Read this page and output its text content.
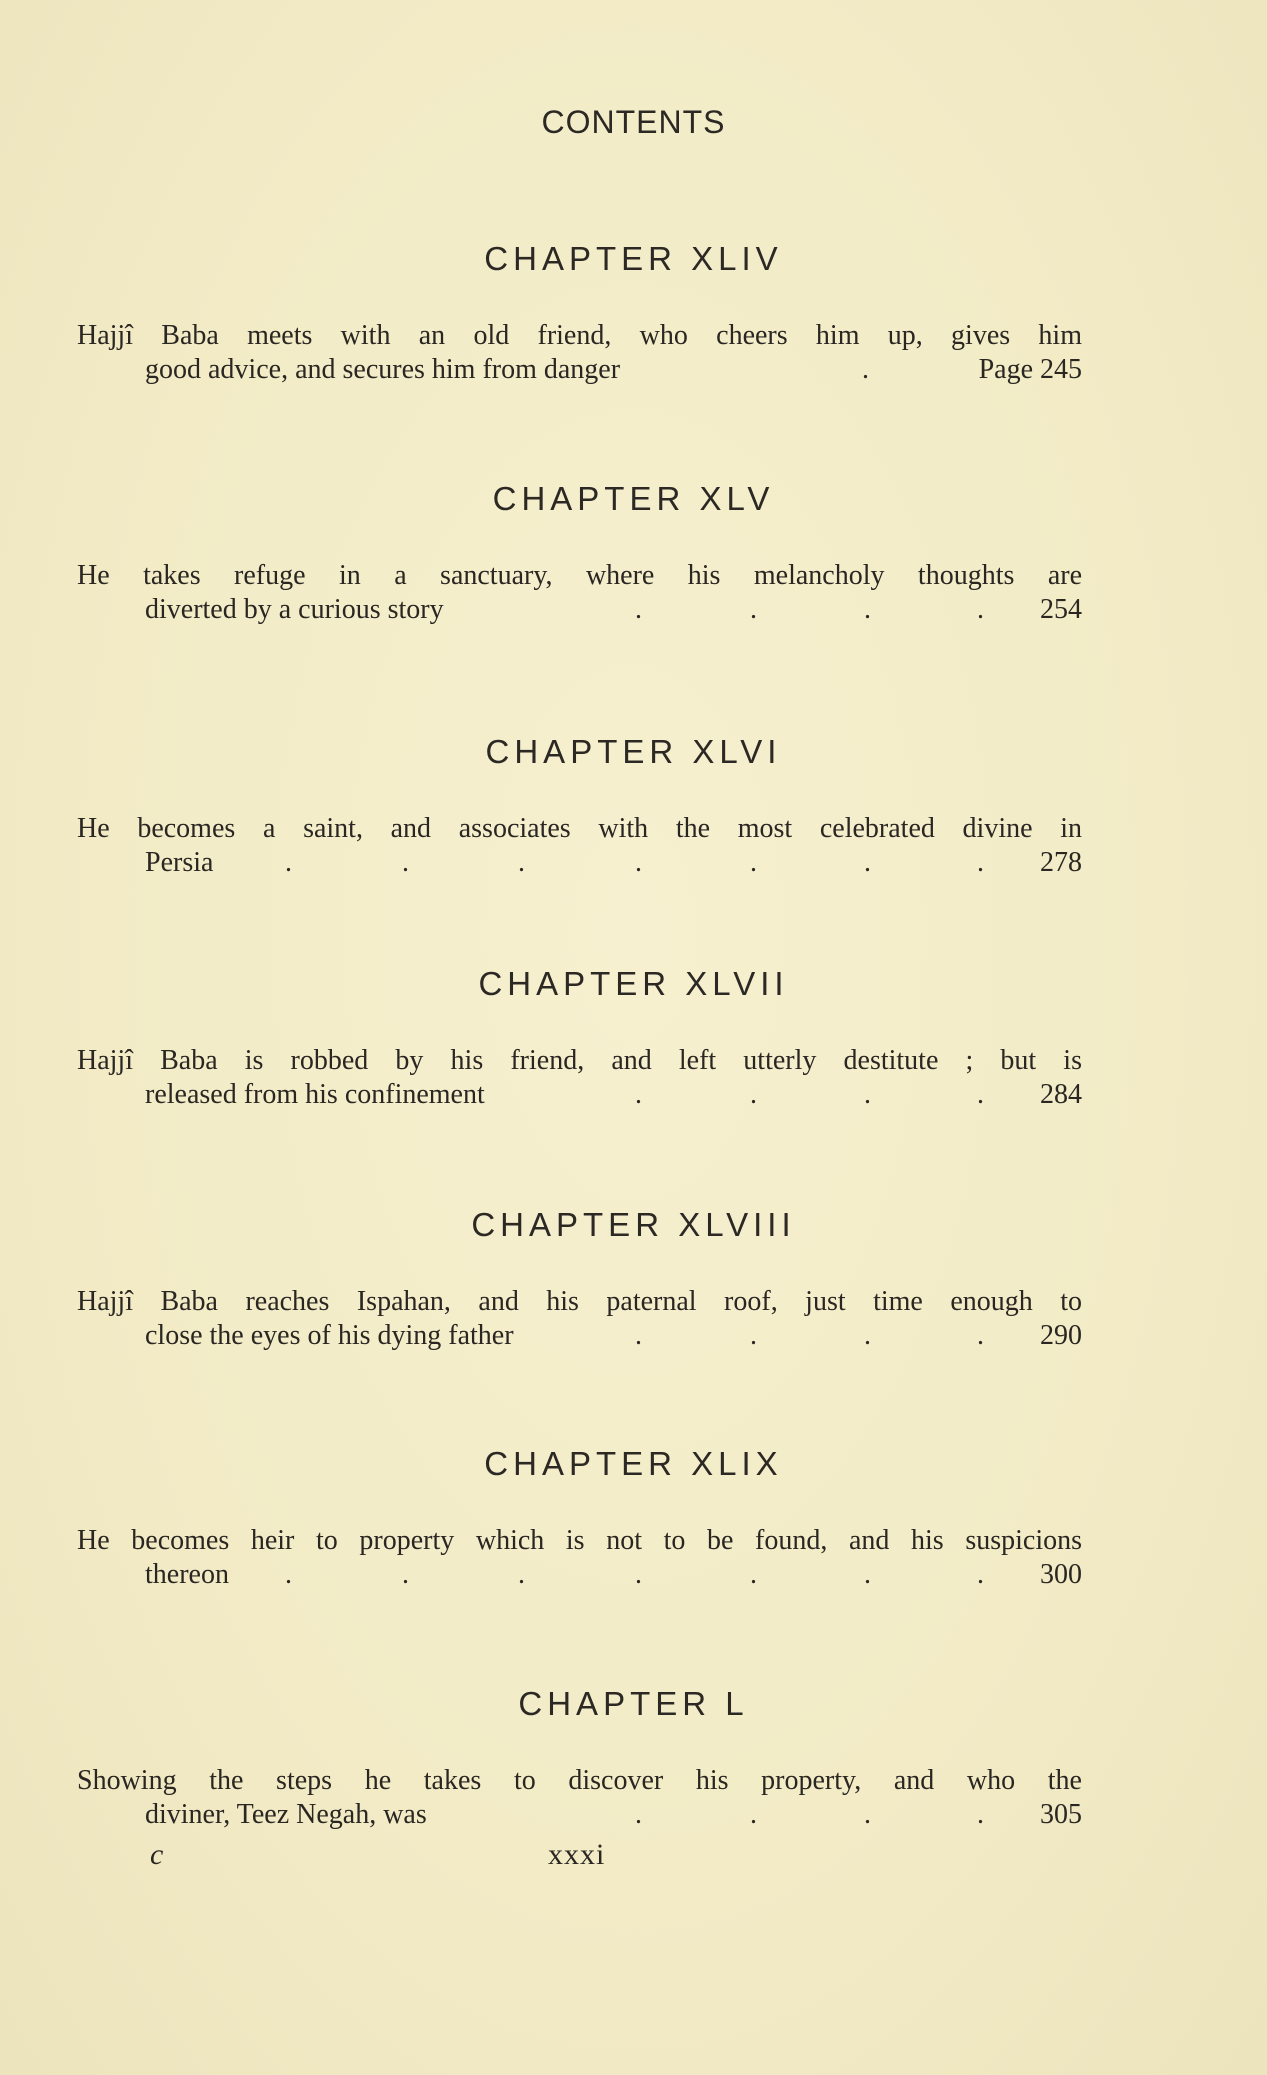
CONTENTS
CHAPTER XLIV
Hajjî Baba meets with an old friend, who cheers him up, gives him
good advice, and secures him from danger	.	Page 245
CHAPTER XLV
He takes refuge in a sanctuary, where his melancholy thoughts are
diverted by a curious story	.	.	.	. 254
CHAPTER XLVI
He becomes a saint, and associates with the most celebrated divine in
Persia	.	.	.	.	.	.	. 278
CHAPTER XLVII
Hajjî Baba is robbed by his friend, and left utterly destitute ; but is
released from his confinement	.	.	.	. 284
CHAPTER XLVIII
Hajjî Baba reaches Ispahan, and his paternal roof, just time enough to
close the eyes of his dying father	.	.	.	. 290
CHAPTER XLIX
He becomes heir to property which is not to be found, and his suspicions
thereon .	.	.	.	.	.	. 300
CHAPTER L
Showing the steps he takes to discover his property, and who the
diviner, Teez Negah, was	.	.	.	. 305
c	xxxi
